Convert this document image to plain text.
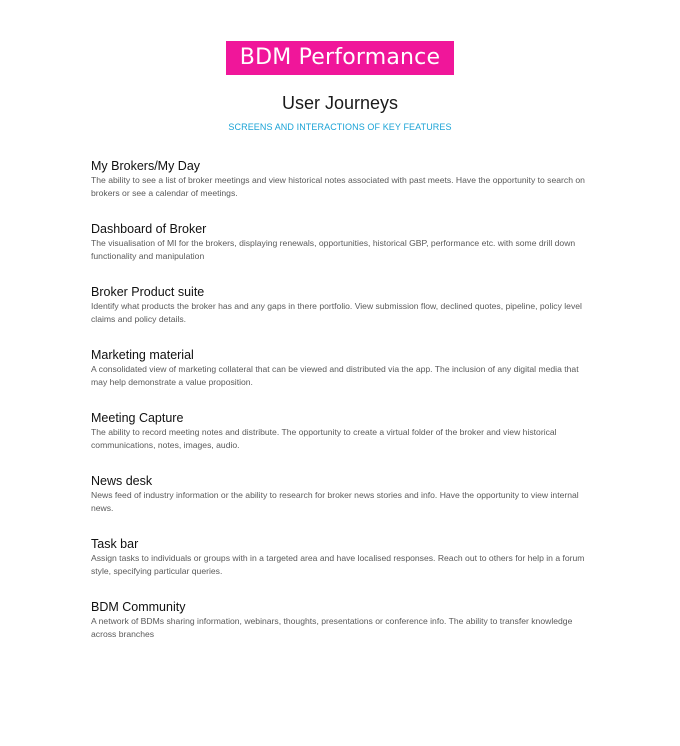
BDM Performance
User Journeys
SCREENS AND INTERACTIONS OF KEY FEATURES
My Brokers/My Day
The ability to see a list of broker meetings and view historical notes associated with past meets. Have the opportunity to search on brokers or see a calendar of meetings.
Dashboard of Broker
The visualisation of MI for the brokers, displaying renewals, opportunities, historical GBP, performance etc. with some drill down functionality and manipulation
Broker Product suite
Identify what products the broker has and any gaps in there portfolio. View submission flow, declined quotes, pipeline, policy level claims and policy details.
Marketing material
A consolidated view of marketing collateral that can be viewed and distributed via the app. The inclusion of any digital media that may help demonstrate a value proposition.
Meeting Capture
The ability to record meeting notes and distribute. The opportunity to create a virtual folder of the broker and view historical communications, notes, images, audio.
News desk
News feed of industry information or the ability to research for broker news stories and info. Have the opportunity to view internal news.
Task bar
Assign tasks to individuals or groups with in a targeted area and have localised responses. Reach out to others for help in a forum style, specifying particular queries.
BDM Community
A network of BDMs sharing information, webinars, thoughts, presentations or conference info. The ability to transfer knowledge across branches
